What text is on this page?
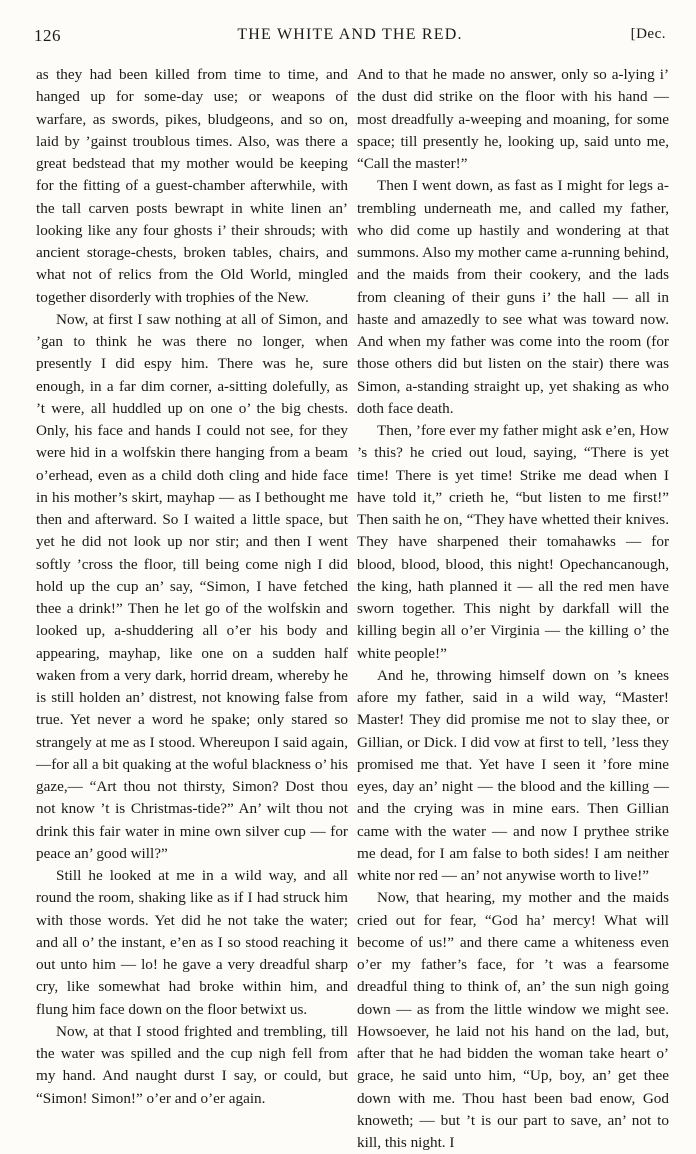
126	THE WHITE AND THE RED.	[Dec.

as they had been killed from time to time, and hanged up for some-day use; or weapons of warfare, as swords, pikes, bludgeons, and so on, laid by ’gainst troublous times. Also, was there a great bedstead that my mother would be keeping for the fitting of a guest-chamber afterwhile, with the tall carven posts bewrapt in white linen an’ looking like any four ghosts i’ their shrouds; with ancient storage-chests, broken tables, chairs, and what not of relics from the Old World, mingled together disorderly with trophies of the New.

Now, at first I saw nothing at all of Simon, and ’gan to think he was there no longer, when presently I did espy him. There was he, sure enough, in a far dim corner, a-sitting dolefully, as ’t were, all huddled up on one o’ the big chests. Only, his face and hands I could not see, for they were hid in a wolfskin there hanging from a beam o’erhead, even as a child doth cling and hide face in his mother’s skirt, mayhap — as I bethought me then and afterward. So I waited a little space, but yet he did not look up nor stir; and then I went softly ’cross the floor, till being come nigh I did hold up the cup an’ say, “Simon, I have fetched thee a drink!” Then he let go of the wolfskin and looked up, a-shuddering all o’er his body and appearing, mayhap, like one on a sudden half waken from a very dark, horrid dream, whereby he is still holden an’ distrest, not knowing false from true. Yet never a word he spake; only stared so strangely at me as I stood. Whereupon I said again,—for all a bit quaking at the woful blackness o’ his gaze,— “Art thou not thirsty, Simon? Dost thou not know ’t is Christmas-tide?” An’ wilt thou not drink this fair water in mine own silver cup — for peace an’ good will?”

Still he looked at me in a wild way, and all round the room, shaking like as if I had struck him with those words. Yet did he not take the water; and all o’ the instant, e’en as I so stood reaching it out unto him — lo! he gave a very dreadful sharp cry, like somewhat had broke within him, and flung him face down on the floor betwixt us.

Now, at that I stood frighted and trembling, till the water was spilled and the cup nigh fell from my hand. And naught durst I say, or could, but “Simon! Simon!” o’er and o’er again.

And to that he made no answer, only so a-lying i’ the dust did strike on the floor with his hand — most dreadfully a-weeping and moaning, for some space; till presently he, looking up, said unto me, “Call the master!”

Then I went down, as fast as I might for legs a-trembling underneath me, and called my father, who did come up hastily and wondering at that summons. Also my mother came a-running behind, and the maids from their cookery, and the lads from cleaning of their guns i’ the hall — all in haste and amazedly to see what was toward now. And when my father was come into the room (for those others did but listen on the stair) there was Simon, a-standing straight up, yet shaking as who doth face death.

Then, ’fore ever my father might ask e’en, How ’s this? he cried out loud, saying, “There is yet time! There is yet time! Strike me dead when I have told it,” crieth he, “but listen to me first!” Then saith he on, “They have whetted their knives. They have sharpened their tomahawks — for blood, blood, blood, this night! Opechancanough, the king, hath planned it — all the red men have sworn together. This night by darkfall will the killing begin all o’er Virginia — the killing o’ the white people!”

And he, throwing himself down on ’s knees afore my father, said in a wild way, “Master! Master! They did promise me not to slay thee, or Gillian, or Dick. I did vow at first to tell, ’less they promised me that. Yet have I seen it ’fore mine eyes, day an’ night — the blood and the killing — and the crying was in mine ears. Then Gillian came with the water — and now I prythee strike me dead, for I am false to both sides! I am neither white nor red — an’ not anywise worth to live!”

Now, that hearing, my mother and the maids cried out for fear, “God ha’ mercy! What will become of us!” and there came a whiteness even o’er my father’s face, for ’t was a fearsome dreadful thing to think of, an’ the sun nigh going down — as from the little window we might see. Howsoever, he laid not his hand on the lad, but, after that he had bidden the woman take heart o’ grace, he said unto him, “Up, boy, an’ get thee down with me. Thou hast been bad enow, God knoweth; — but ’t is our part to save, an’ not to kill, this night. I
